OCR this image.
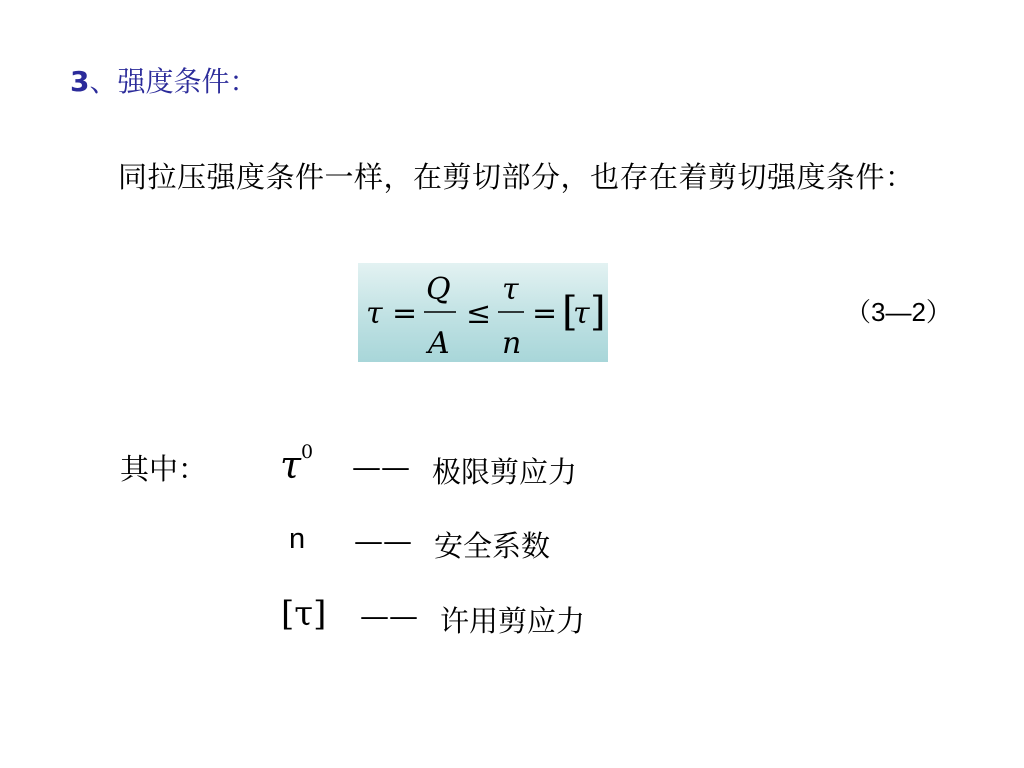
3、强度条件：
同拉压强度条件一样，在剪切部分，也存在着剪切强度条件：
τ =
Q
A
≤
τ
n
= [
τ ]	（3—2）
其中： $\tau^0$ —— 极限剪应力
n —— 安全系数
[τ] —— 许用剪应力
